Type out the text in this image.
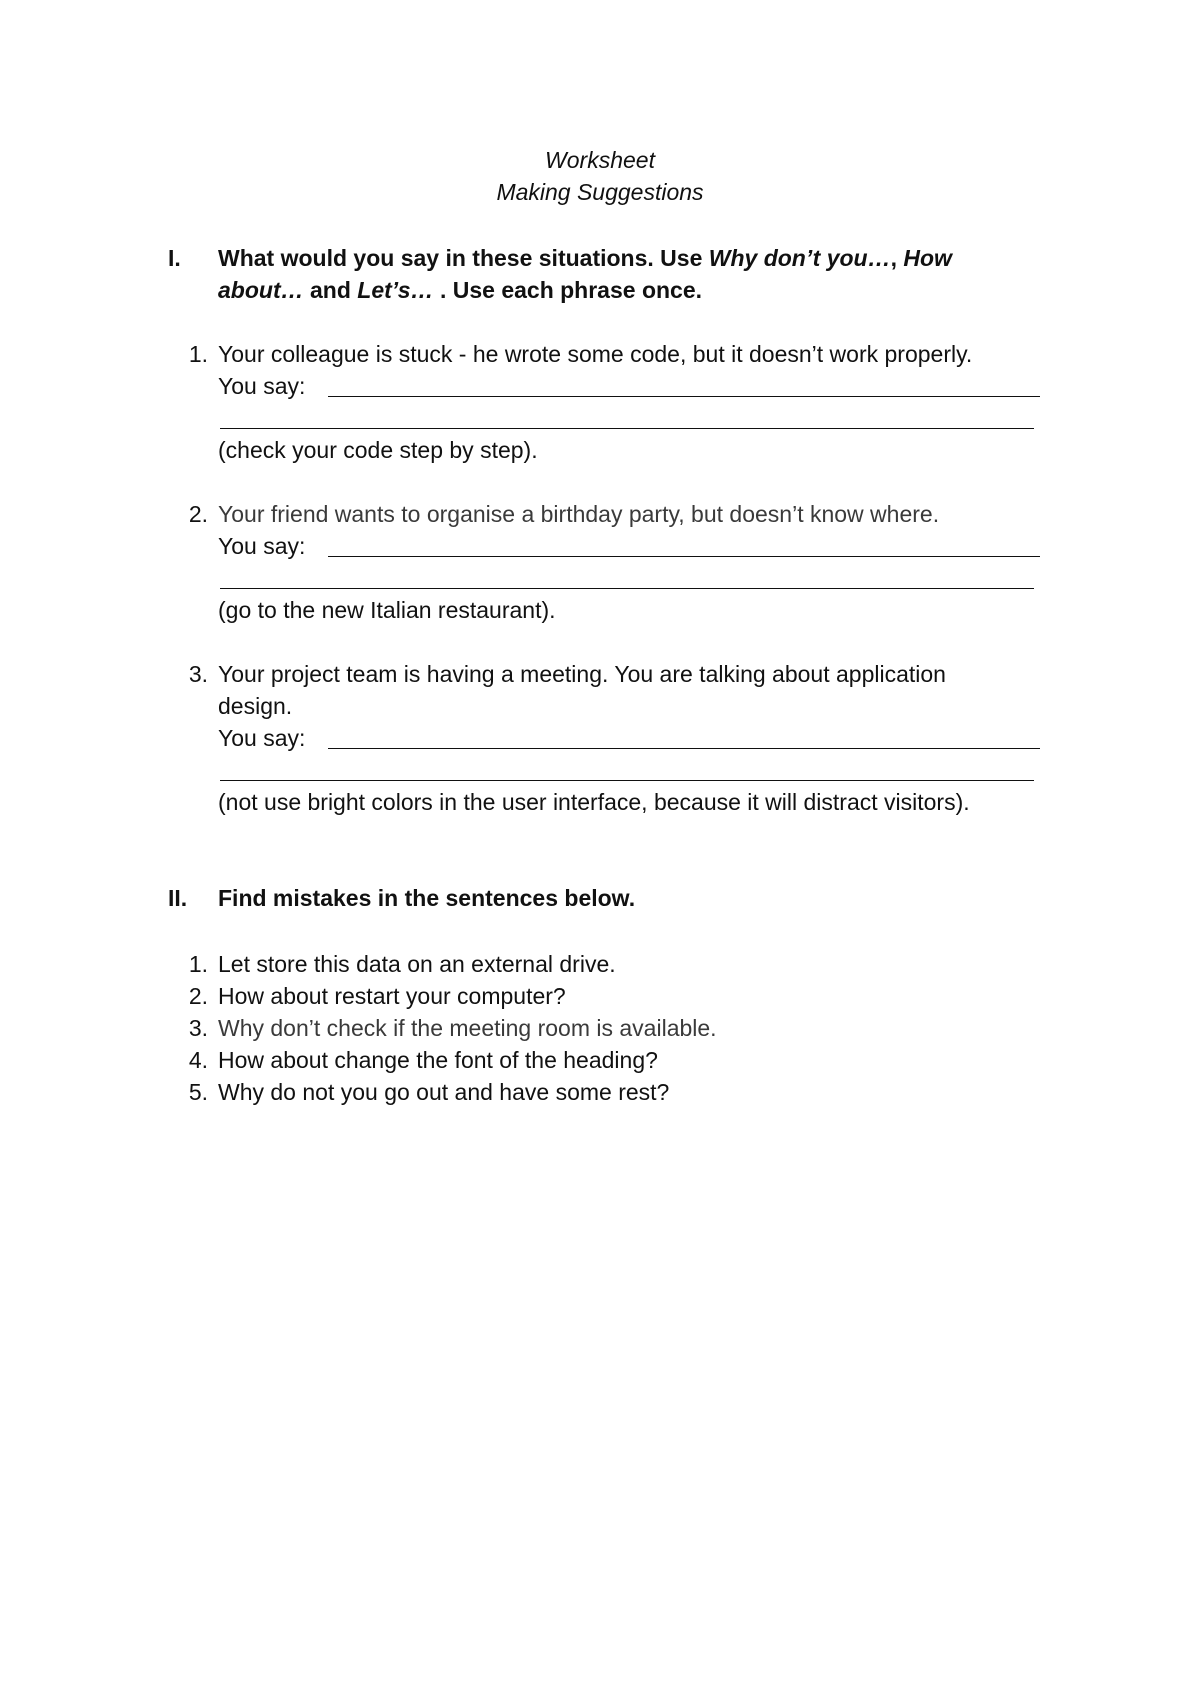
Worksheet
Making Suggestions
I. What would you say in these situations. Use Why don’t you…, How about… and Let’s… . Use each phrase once.
1. Your colleague is stuck - he wrote some code, but it doesn’t work properly.
You say:
(check your code step by step).
2. Your friend wants to organise a birthday party, but doesn’t know where.
You say:
(go to the new Italian restaurant).
3. Your project team is having a meeting. You are talking about application
design.
You say:
(not use bright colors in the user interface, because it will distract visitors).
II. Find mistakes in the sentences below.
1. Let store this data on an external drive.
2. How about restart your computer?
3. Why don’t check if the meeting room is available.
4. How about change the font of the heading?
5. Why do not you go out and have some rest?
